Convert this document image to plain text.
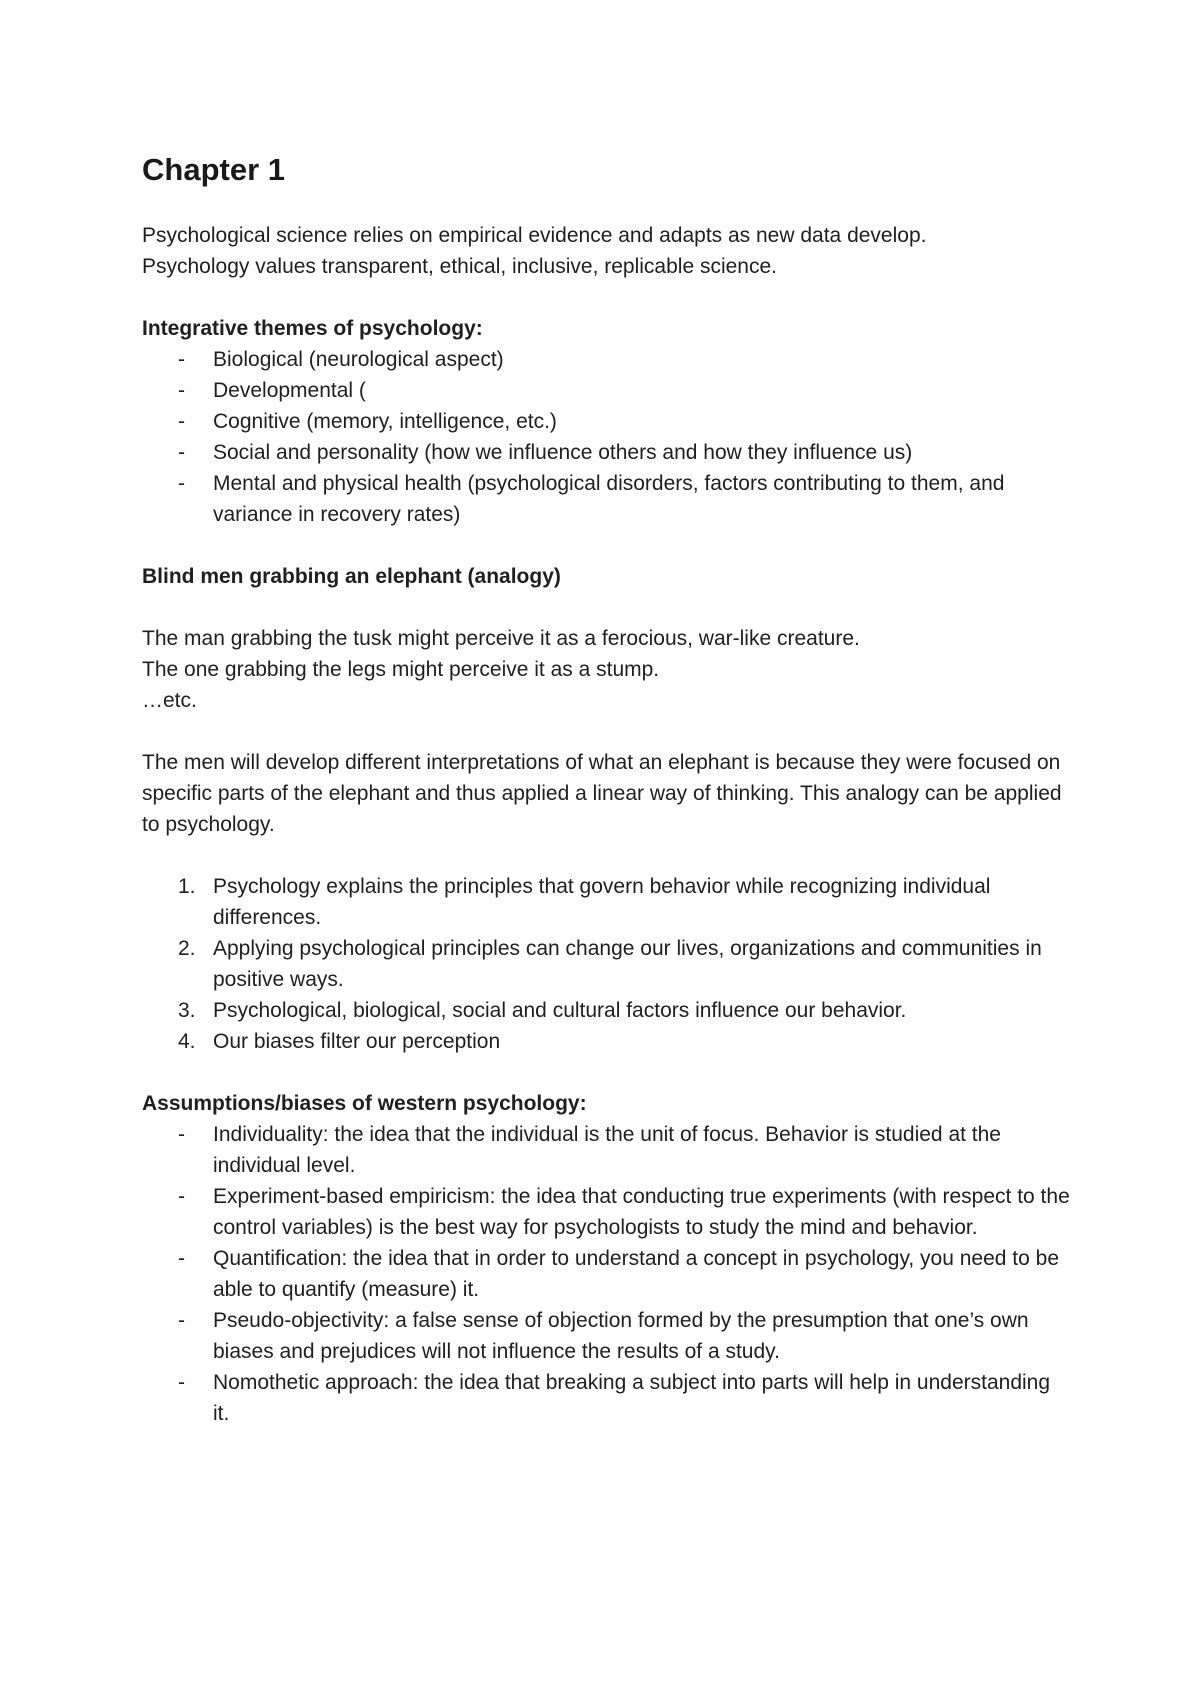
Chapter 1

Psychological science relies on empirical evidence and adapts as new data develop.

Psychology values transparent, ethical, inclusive, replicable science.

Integrative themes of psychology:

- Biological (neurological aspect)
- Developmental (
- Cognitive (memory, intelligence, etc.)
- Social and personality (how we influence others and how they influence us)
- Mental and physical health (psychological disorders, factors contributing to them, and variance in recovery rates)

Blind men grabbing an elephant (analogy)

The man grabbing the tusk might perceive it as a ferocious, war-like creature.

The one grabbing the legs might perceive it as a stump.

…etc.

The men will develop different interpretations of what an elephant is because they were focused on specific parts of the elephant and thus applied a linear way of thinking. This analogy can be applied to psychology.

1. Psychology explains the principles that govern behavior while recognizing individual differences.
2. Applying psychological principles can change our lives, organizations and communities in positive ways.
3. Psychological, biological, social and cultural factors influence our behavior.
4. Our biases filter our perception

Assumptions/biases of western psychology:

- Individuality: the idea that the individual is the unit of focus. Behavior is studied at the individual level.
- Experiment-based empiricism: the idea that conducting true experiments (with respect to the control variables) is the best way for psychologists to study the mind and behavior.
- Quantification: the idea that in order to understand a concept in psychology, you need to be able to quantify (measure) it.
- Pseudo-objectivity: a false sense of objection formed by the presumption that one’s own biases and prejudices will not influence the results of a study.
- Nomothetic approach: the idea that breaking a subject into parts will help in understanding it.
